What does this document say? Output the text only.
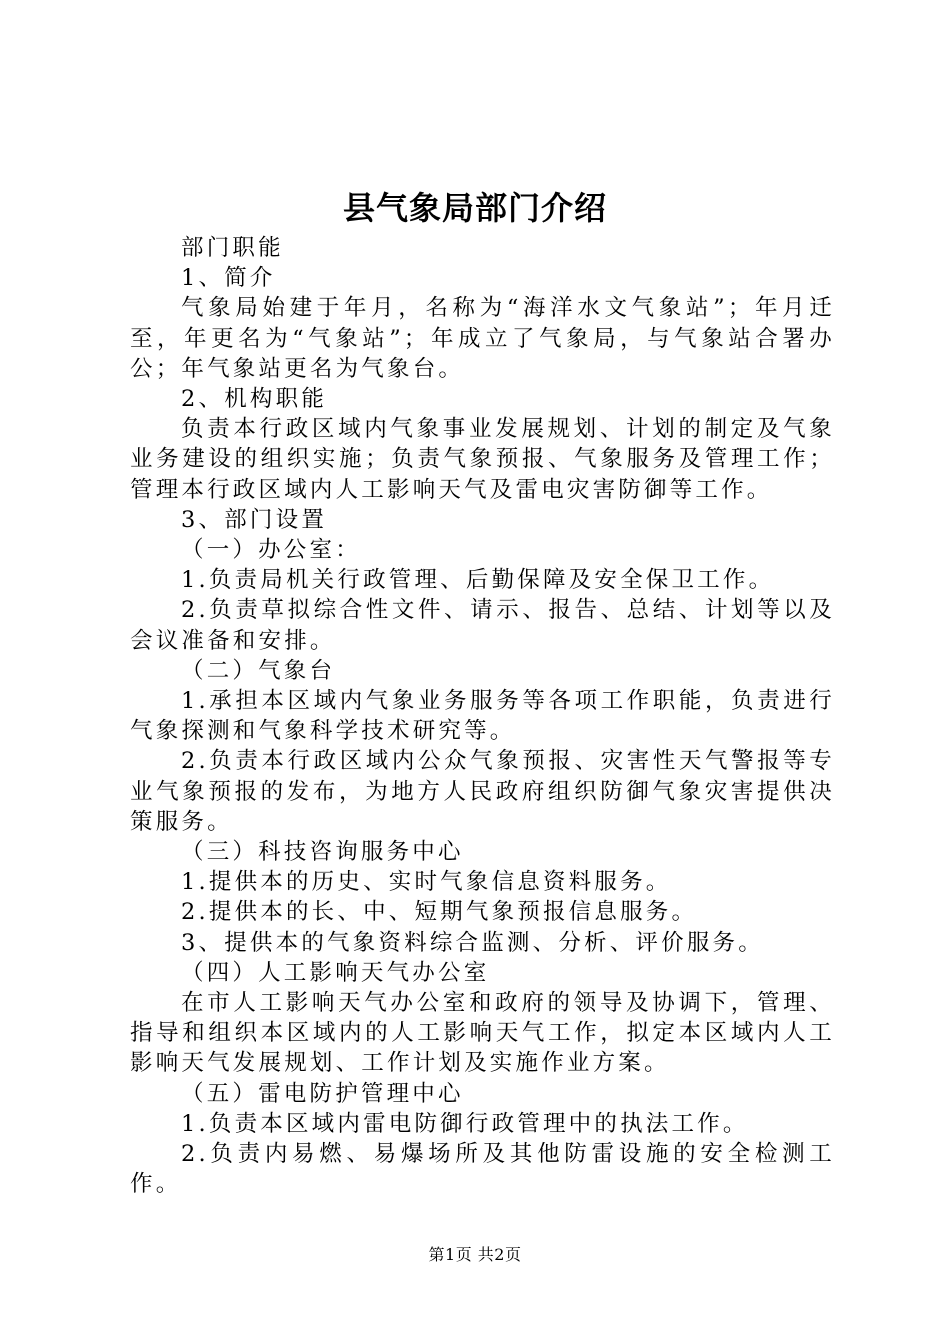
县气象局部门介绍

部门职能

1、简介

气象局始建于年月，名称为“海洋水文气象站”；年月迁至，年更名为“气象站”；年成立了气象局，与气象站合署办公；年气象站更名为气象台。

2、机构职能

负责本行政区域内气象事业发展规划、计划的制定及气象业务建设的组织实施；负责气象预报、气象服务及管理工作；管理本行政区域内人工影响天气及雷电灾害防御等工作。

3、部门设置

（一）办公室：

1.负责局机关行政管理、后勤保障及安全保卫工作。

2.负责草拟综合性文件、请示、报告、总结、计划等以及会议准备和安排。

（二）气象台

1.承担本区域内气象业务服务等各项工作职能，负责进行气象探测和气象科学技术研究等。

2.负责本行政区域内公众气象预报、灾害性天气警报等专业气象预报的发布，为地方人民政府组织防御气象灾害提供决策服务。

（三）科技咨询服务中心

1.提供本的历史、实时气象信息资料服务。

2.提供本的长、中、短期气象预报信息服务。

3、提供本的气象资料综合监测、分析、评价服务。

（四）人工影响天气办公室

在市人工影响天气办公室和政府的领导及协调下，管理、指导和组织本区域内的人工影响天气工作，拟定本区域内人工影响天气发展规划、工作计划及实施作业方案。

（五）雷电防护管理中心

1.负责本区域内雷电防御行政管理中的执法工作。

2.负责内易燃、易爆场所及其他防雷设施的安全检测工作。

第1页 共2页
